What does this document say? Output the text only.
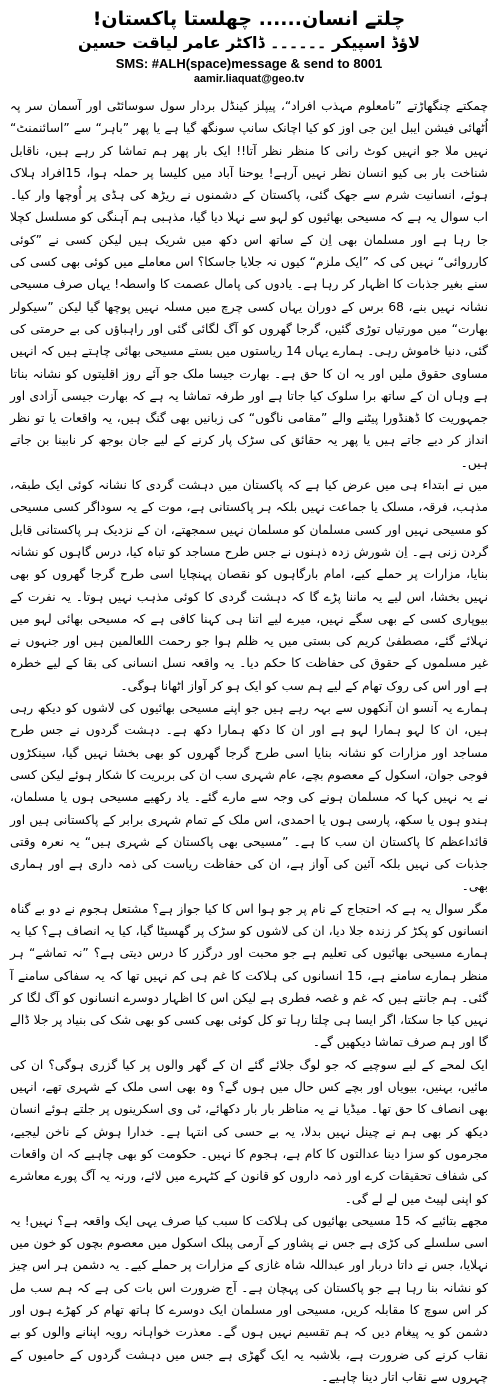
چلتے انسان...... چھلستا پاکستان!
لاؤڈ اسپیکر ۔۔۔۔۔۔ ڈاکٹر عامر لیاقت حسین
SMS: #ALH(space)message & send to 8001
aamir.liaquat@geo.tv

چمکتے چنگھاڑتے ”نامعلوم مہذب افراد“، پیپلز کینڈل بردار سول سوسائٹی اور آسمان سر پہ اُٹھائی فیشن ایبل این جی اوز کو کیا اچانک سانپ سونگھ گیا ہے یا پھر ”باہر“ سے ”اسائنمنٹ“ نہیں ملا جو انہیں کوٹ رانی کا منظر نظر آتا!! ایک بار پھر ہم تماشا کر رہے ہیں، ناقابل شناخت بار بی کیو انسان نظر نہیں آرہے! یوحنا آباد میں کلیسا پر حملہ ہوا، 15افراد ہلاک ہوئے، انسانیت شرم سے جھک گئی، پاکستان کے دشمنوں نے ریڑھ کی ہڈی پر اُوچھا وار کیا۔ اب سوال یہ ہے کہ مسیحی بھائیوں کو لہو سے نہلا دیا گیا، مذہبی ہم آہنگی کو مسلسل کچلا جا رہا ہے اور مسلمان بھی اِن کے ساتھ اس دکھ میں شریک ہیں لیکن کسی نے ”کوئی کارروائی“ نہیں کی کہ ”ایک ملزم“ کیوں نہ جلایا جاسکا؟ اس معاملے میں کوئی بھی کسی کی سنے بغیر جذبات کا اظہار کر رہا ہے۔ یادوں کی پامال عصمت کا واسطہ! یہاں صرف مسیحی نشانہ نہیں بنے، 68 برس کے دوران یہاں کسی چرچ میں مسلہ نہیں پوچھا گیا لیکن ”سیکولر بھارت“ میں مورتیاں توڑی گئیں، گرجا گھروں کو آگ لگائی گئی اور راہباؤں کی بے حرمتی کی گئی، دنیا خاموش رہی۔ ہمارے یہاں 14 ریاستوں میں بستے مسیحی بھائی چاہتے ہیں کہ انہیں مساوی حقوق ملیں اور یہ ان کا حق ہے۔ بھارت جیسا ملک جو آئے روز اقلیتوں کو نشانہ بناتا ہے وہاں ان کے ساتھ برا سلوک کیا جاتا ہے اور طرفہ تماشا یہ ہے کہ بھارت جیسی آزادی اور جمہوریت کا ڈھنڈورا پیٹنے والے ”مقامی ناگوں“ کی زبانیں بھی گنگ ہیں، یہ واقعات یا تو نظر انداز کر دیے جاتے ہیں یا پھر یہ حقائق کی سڑک پار کرنے کے لیے جان بوجھ کر نابینا بن جاتے ہیں۔

میں نے ابتداء ہی میں عرض کیا ہے کہ پاکستان میں دہشت گردی کا نشانہ کوئی ایک طبقہ، مذہب، فرقہ، مسلک یا جماعت نہیں بلکہ ہر پاکستانی ہے، موت کے یہ سوداگر کسی مسیحی کو مسیحی نہیں اور کسی مسلمان کو مسلمان نہیں سمجھتے، ان کے نزدیک ہر پاکستانی قابل گردن زنی ہے۔ اِن شورش زدہ ذہنوں نے جس طرح مساجد کو تباہ کیا، درس گاہوں کو نشانہ بنایا، مزارات پر حملے کیے، امام بارگاہوں کو نقصان پہنچایا اسی طرح گرجا گھروں کو بھی نہیں بخشا، اس لیے یہ ماننا پڑے گا کہ دہشت گردی کا کوئی مذہب نہیں ہوتا۔ یہ نفرت کے بیوپاری کسی کے بھی سگے نہیں، میرے لیے اتنا ہی کہنا کافی ہے کہ مسیحی بھائی لہو میں نہلائے گئے، مصطفیٰ کریم کی بستی میں یہ ظلم ہوا جو رحمت اللعالمین ہیں اور جنہوں نے غیر مسلموں کے حقوق کی حفاظت کا حکم دیا۔ یہ واقعہ نسل انسانی کی بقا کے لیے خطرہ ہے اور اس کی روک تھام کے لیے ہم سب کو ایک ہو کر آواز اٹھانا ہوگی۔

ہمارے یہ آنسو ان آنکھوں سے بہہ رہے ہیں جو اپنے مسیحی بھائیوں کی لاشوں کو دیکھ رہی ہیں، ان کا لہو ہمارا لہو ہے اور ان کا دکھ ہمارا دکھ ہے۔ دہشت گردوں نے جس طرح مساجد اور مزارات کو نشانہ بنایا اسی طرح گرجا گھروں کو بھی بخشا نہیں گیا، سینکڑوں فوجی جوان، اسکول کے معصوم بچے، عام شہری سب ان کی بربریت کا شکار ہوئے لیکن کسی نے یہ نہیں کہا کہ مسلمان ہونے کی وجہ سے مارے گئے۔ یاد رکھیے مسیحی ہوں یا مسلمان، ہندو ہوں یا سکھ، پارسی ہوں یا احمدی، اس ملک کے تمام شہری برابر کے پاکستانی ہیں اور قائداعظم کا پاکستان ان سب کا ہے۔ ”مسیحی بھی پاکستان کے شہری ہیں“ یہ نعرہ وقتی جذبات کی نہیں بلکہ آئین کی آواز ہے، ان کی حفاظت ریاست کی ذمہ داری ہے اور ہماری بھی۔

مگر سوال یہ ہے کہ احتجاج کے نام پر جو ہوا اس کا کیا جواز ہے؟ مشتعل ہجوم نے دو بے گناہ انسانوں کو پکڑ کر زندہ جلا دیا، ان کی لاشوں کو سڑک پر گھسیٹا گیا، کیا یہ انصاف ہے؟ کیا یہ ہمارے مسیحی بھائیوں کی تعلیم ہے جو محبت اور درگزر کا درس دیتی ہے؟ ”نہ تماشے“ ہر منظر ہمارے سامنے ہے، 15 انسانوں کی ہلاکت کا غم ہی کم نہیں تھا کہ یہ سفاکی سامنے آ گئی۔ ہم جانتے ہیں کہ غم و غصہ فطری ہے لیکن اس کا اظہار دوسرے انسانوں کو آگ لگا کر نہیں کیا جا سکتا، اگر ایسا ہی چلتا رہا تو کل کوئی بھی کسی کو بھی شک کی بنیاد پر جلا ڈالے گا اور ہم صرف تماشا دیکھیں گے۔

ایک لمحے کے لیے سوچیے کہ جو لوگ جلائے گئے ان کے گھر والوں پر کیا گزری ہوگی؟ ان کی مائیں، بہنیں، بیویاں اور بچے کس حال میں ہوں گے؟ وہ بھی اسی ملک کے شہری تھے، انہیں بھی انصاف کا حق تھا۔ میڈیا نے یہ مناظر بار بار دکھائے، ٹی وی اسکرینوں پر جلتے ہوئے انسان دیکھ کر بھی ہم نے چینل نہیں بدلا، یہ بے حسی کی انتہا ہے۔ خدارا ہوش کے ناخن لیجیے، مجرموں کو سزا دینا عدالتوں کا کام ہے، ہجوم کا نہیں۔ حکومت کو بھی چاہیے کہ ان واقعات کی شفاف تحقیقات کرے اور ذمہ داروں کو قانون کے کٹہرے میں لائے، ورنہ یہ آگ پورے معاشرے کو اپنی لپیٹ میں لے لے گی۔

مجھے بتائیے کہ 15 مسیحی بھائیوں کی ہلاکت کا سبب کیا صرف یہی ایک واقعہ ہے؟ نہیں! یہ اسی سلسلے کی کڑی ہے جس نے پشاور کے آرمی پبلک اسکول میں معصوم بچوں کو خون میں نہلایا، جس نے داتا دربار اور عبداللہ شاہ غازی کے مزارات پر حملے کیے۔ یہ دشمن ہر اس چیز کو نشانہ بنا رہا ہے جو پاکستان کی پہچان ہے۔ آج ضرورت اس بات کی ہے کہ ہم سب مل کر اس سوچ کا مقابلہ کریں، مسیحی اور مسلمان ایک دوسرے کا ہاتھ تھام کر کھڑے ہوں اور دشمن کو یہ پیغام دیں کہ ہم تقسیم نہیں ہوں گے۔ معذرت خواہانہ رویہ اپنانے والوں کو بے نقاب کرنے کی ضرورت ہے، بلاشبہ یہ ایک گھڑی ہے جس میں دہشت گردوں کے حامیوں کے چہروں سے نقاب اتار دینا چاہیے۔
